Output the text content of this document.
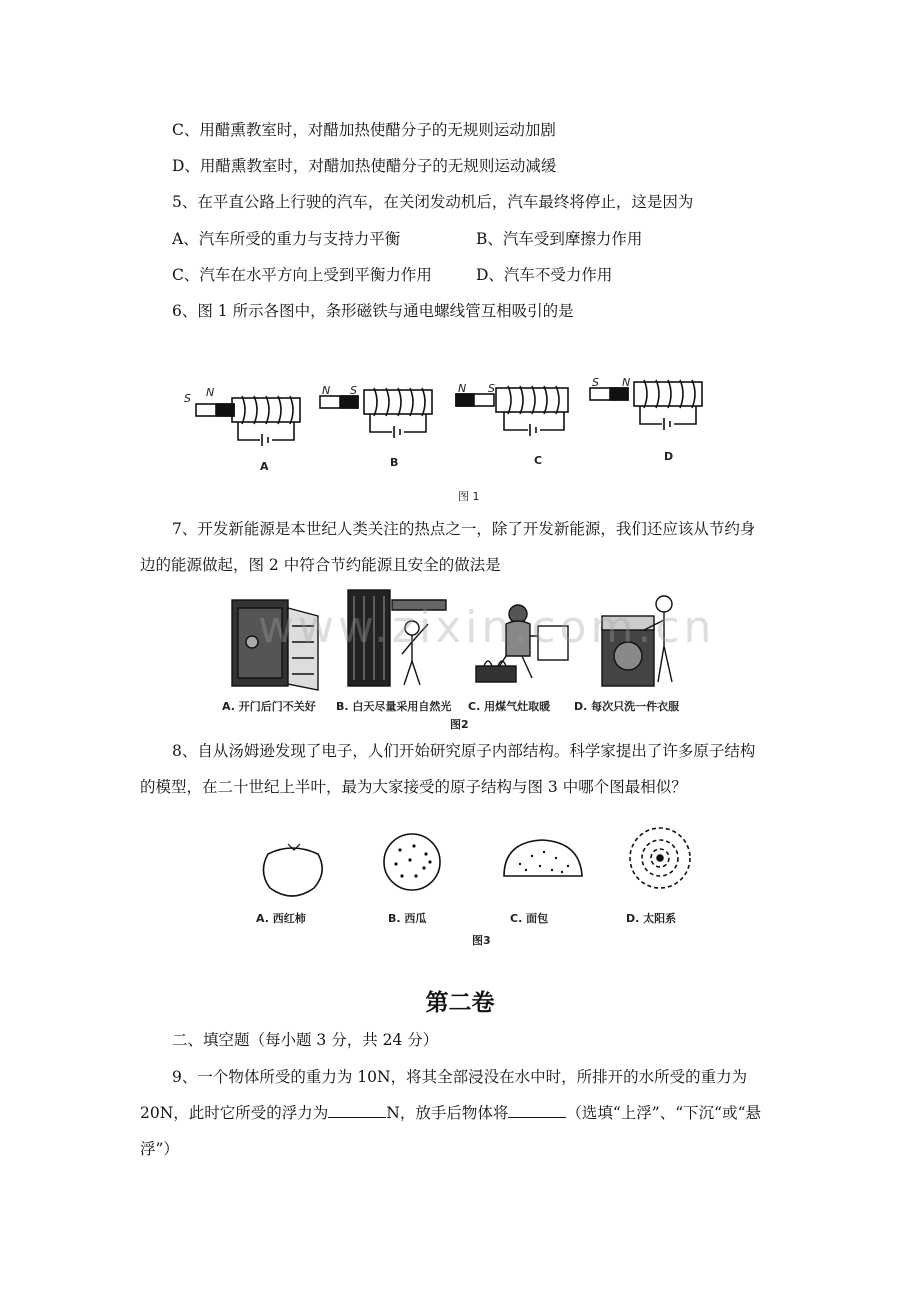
C、用醋熏教室时，对醋加热使醋分子的无规则运动加剧
D、用醋熏教室时，对醋加热使醋分子的无规则运动减缓
5、在平直公路上行驶的汽车，在关闭发动机后，汽车最终将停止，这是因为
A、汽车所受的重力与支持力平衡	B、汽车受到摩擦力作用
C、汽车在水平方向上受到平衡力作用	D、汽车不受力作用
6、图 1 所示各图中，条形磁铁与通电螺线管互相吸引的是
S N	N S	N S	S N
A	B	C	D
图 1
7、开发新能源是本世纪人类关注的热点之一，除了开发新能源，我们还应该从节约身
边的能源做起，图 2 中符合节约能源且安全的做法是
www.zixin.com.cn
A. 开门后门不关好 B. 白天尽量采用自然光 C. 用煤气灶取暖 D. 每次只洗一件衣服
图2
8、自从汤姆逊发现了电子，人们开始研究原子内部结构。科学家提出了许多原子结构
的模型，在二十世纪上半叶，最为大家接受的原子结构与图 3 中哪个图最相似？
A. 西红柿	B. 西瓜	C. 面包	D. 太阳系
图3
第二卷
二、填空题（每小题 3 分，共 24 分）
9、一个物体所受的重力为 10N，将其全部浸没在水中时，所排开的水所受的重力为
20N，此时它所受的浮力为	N，放手后物体将	（选填“上浮”、“下沉“或“悬
浮”）
